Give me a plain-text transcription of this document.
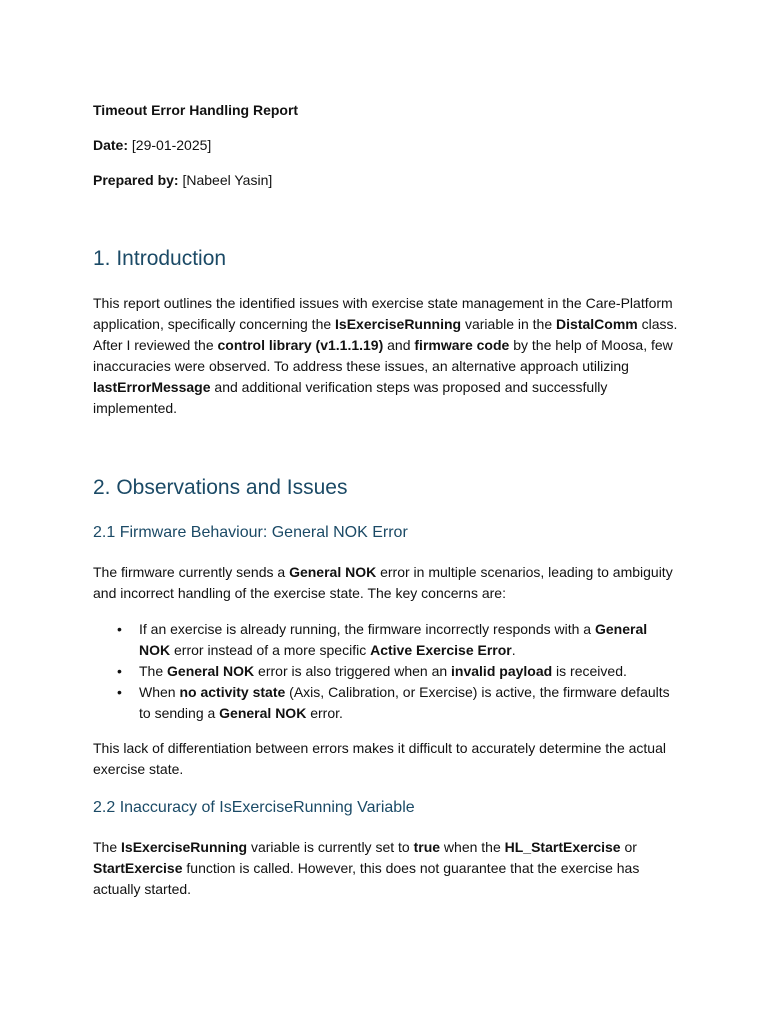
Timeout Error Handling Report

Date: [29-01-2025]

Prepared by: [Nabeel Yasin]

1. Introduction

This report outlines the identified issues with exercise state management in the Care-Platform application, specifically concerning the IsExerciseRunning variable in the DistalComm class. After I reviewed the control library (v1.1.1.19) and firmware code by the help of Moosa, few inaccuracies were observed. To address these issues, an alternative approach utilizing lastErrorMessage and additional verification steps was proposed and successfully implemented.

2. Observations and Issues
2.1 Firmware Behaviour: General NOK Error

The firmware currently sends a General NOK error in multiple scenarios, leading to ambiguity and incorrect handling of the exercise state. The key concerns are:

• If an exercise is already running, the firmware incorrectly responds with a General NOK error instead of a more specific Active Exercise Error.
• The General NOK error is also triggered when an invalid payload is received.
• When no activity state (Axis, Calibration, or Exercise) is active, the firmware defaults to sending a General NOK error.

This lack of differentiation between errors makes it difficult to accurately determine the actual exercise state.

2.2 Inaccuracy of IsExerciseRunning Variable

The IsExerciseRunning variable is currently set to true when the HL_StartExercise or StartExercise function is called. However, this does not guarantee that the exercise has actually started.
